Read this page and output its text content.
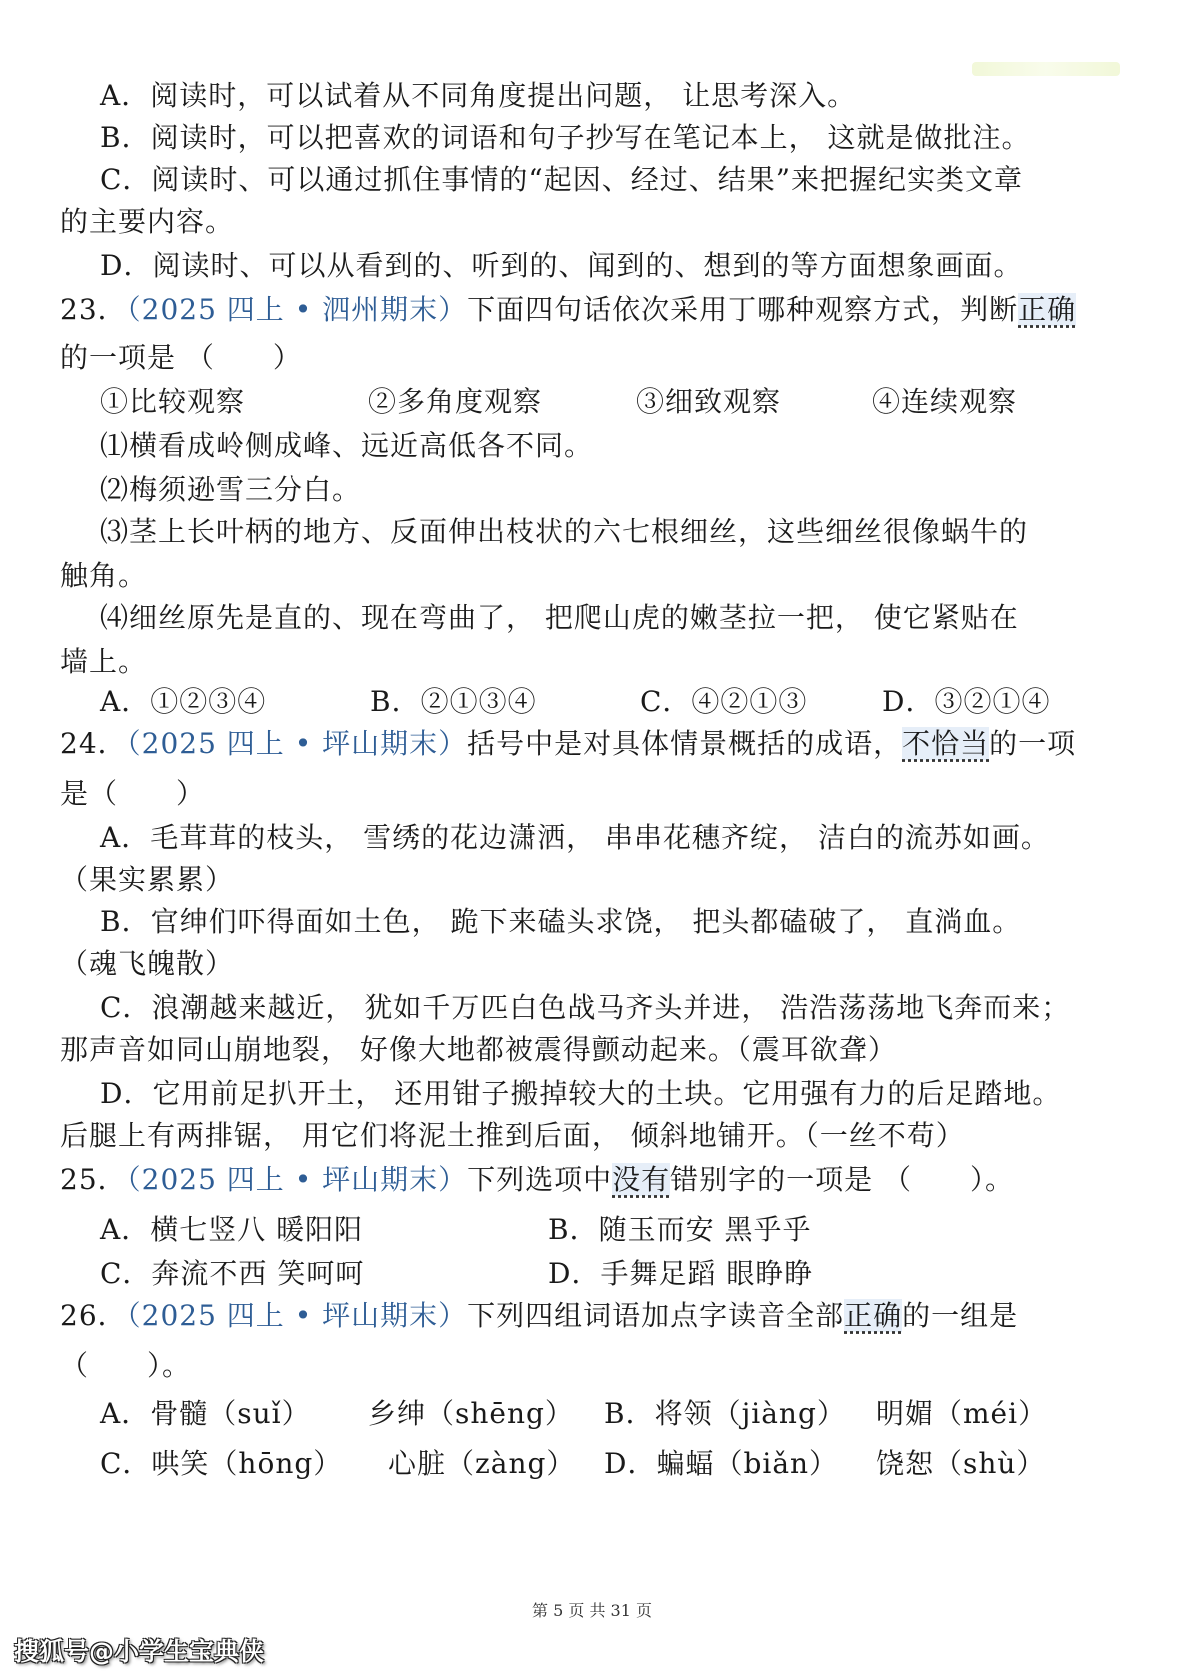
A．阅读时，可以试着从不同角度提出问题， 让思考深入。
B．阅读时，可以把喜欢的词语和句子抄写在笔记本上， 这就是做批注。
C．阅读时、可以通过抓住事情的“起因、经过、结果”来把握纪实类文章
的主要内容。
D．阅读时、可以从看到的、听到的、闻到的、想到的等方面想象画面。
23．（2025 四上 • 泗州期末）下面四句话依次采用丁哪种观察方式，判断正确
的一项是 （　　）
①比较观察	②多角度观察	③细致观察	④连续观察
⑴横看成岭侧成峰、远近高低各不同。
⑵梅须逊雪三分白。
⑶茎上长叶柄的地方、反面伸出枝状的六七根细丝，这些细丝很像蜗牛的
触角。
⑷细丝原先是直的、现在弯曲了， 把爬山虎的嫩茎拉一把， 使它紧贴在
墙上。
A．①②③④	B．②①③④	C．④②①③	D．③②①④
24．（2025 四上 • 坪山期末）括号中是对具体情景概括的成语，不恰当的一项
是（　　）
A．毛茸茸的枝头， 雪绣的花边潇洒， 串串花穗齐绽， 洁白的流苏如画。
（果实累累）
B．官绅们吓得面如土色， 跪下来磕头求饶， 把头都磕破了， 直淌血。
（魂飞魄散）
C．浪潮越来越近， 犹如千万匹白色战马齐头并进， 浩浩荡荡地飞奔而来；
那声音如同山崩地裂， 好像大地都被震得颤动起来。（震耳欲聋）
D．它用前足扒开土， 还用钳子搬掉较大的土块。它用强有力的后足踏地。
后腿上有两排锯， 用它们将泥土推到后面， 倾斜地铺开。（一丝不苟）
25．（2025 四上 • 坪山期末）下列选项中没有错别字的一项是 （　　）。
A．横七竖八 暖阳阳	B．随玉而安 黑乎乎
C．奔流不西 笑呵呵	D．手舞足蹈 眼睁睁
26．（2025 四上 • 坪山期末）下列四组词语加点字读音全部正确的一组是
（　　）。
A．骨髓（suǐ） 乡绅（shēng） B．将领（jiàng） 明媚（méi）
C．哄笑（hōng） 心脏（zàng） D．蝙蝠（biǎn） 饶恕（shù）
第 5 页 共 31 页
搜狐号@小学生宝典侠
